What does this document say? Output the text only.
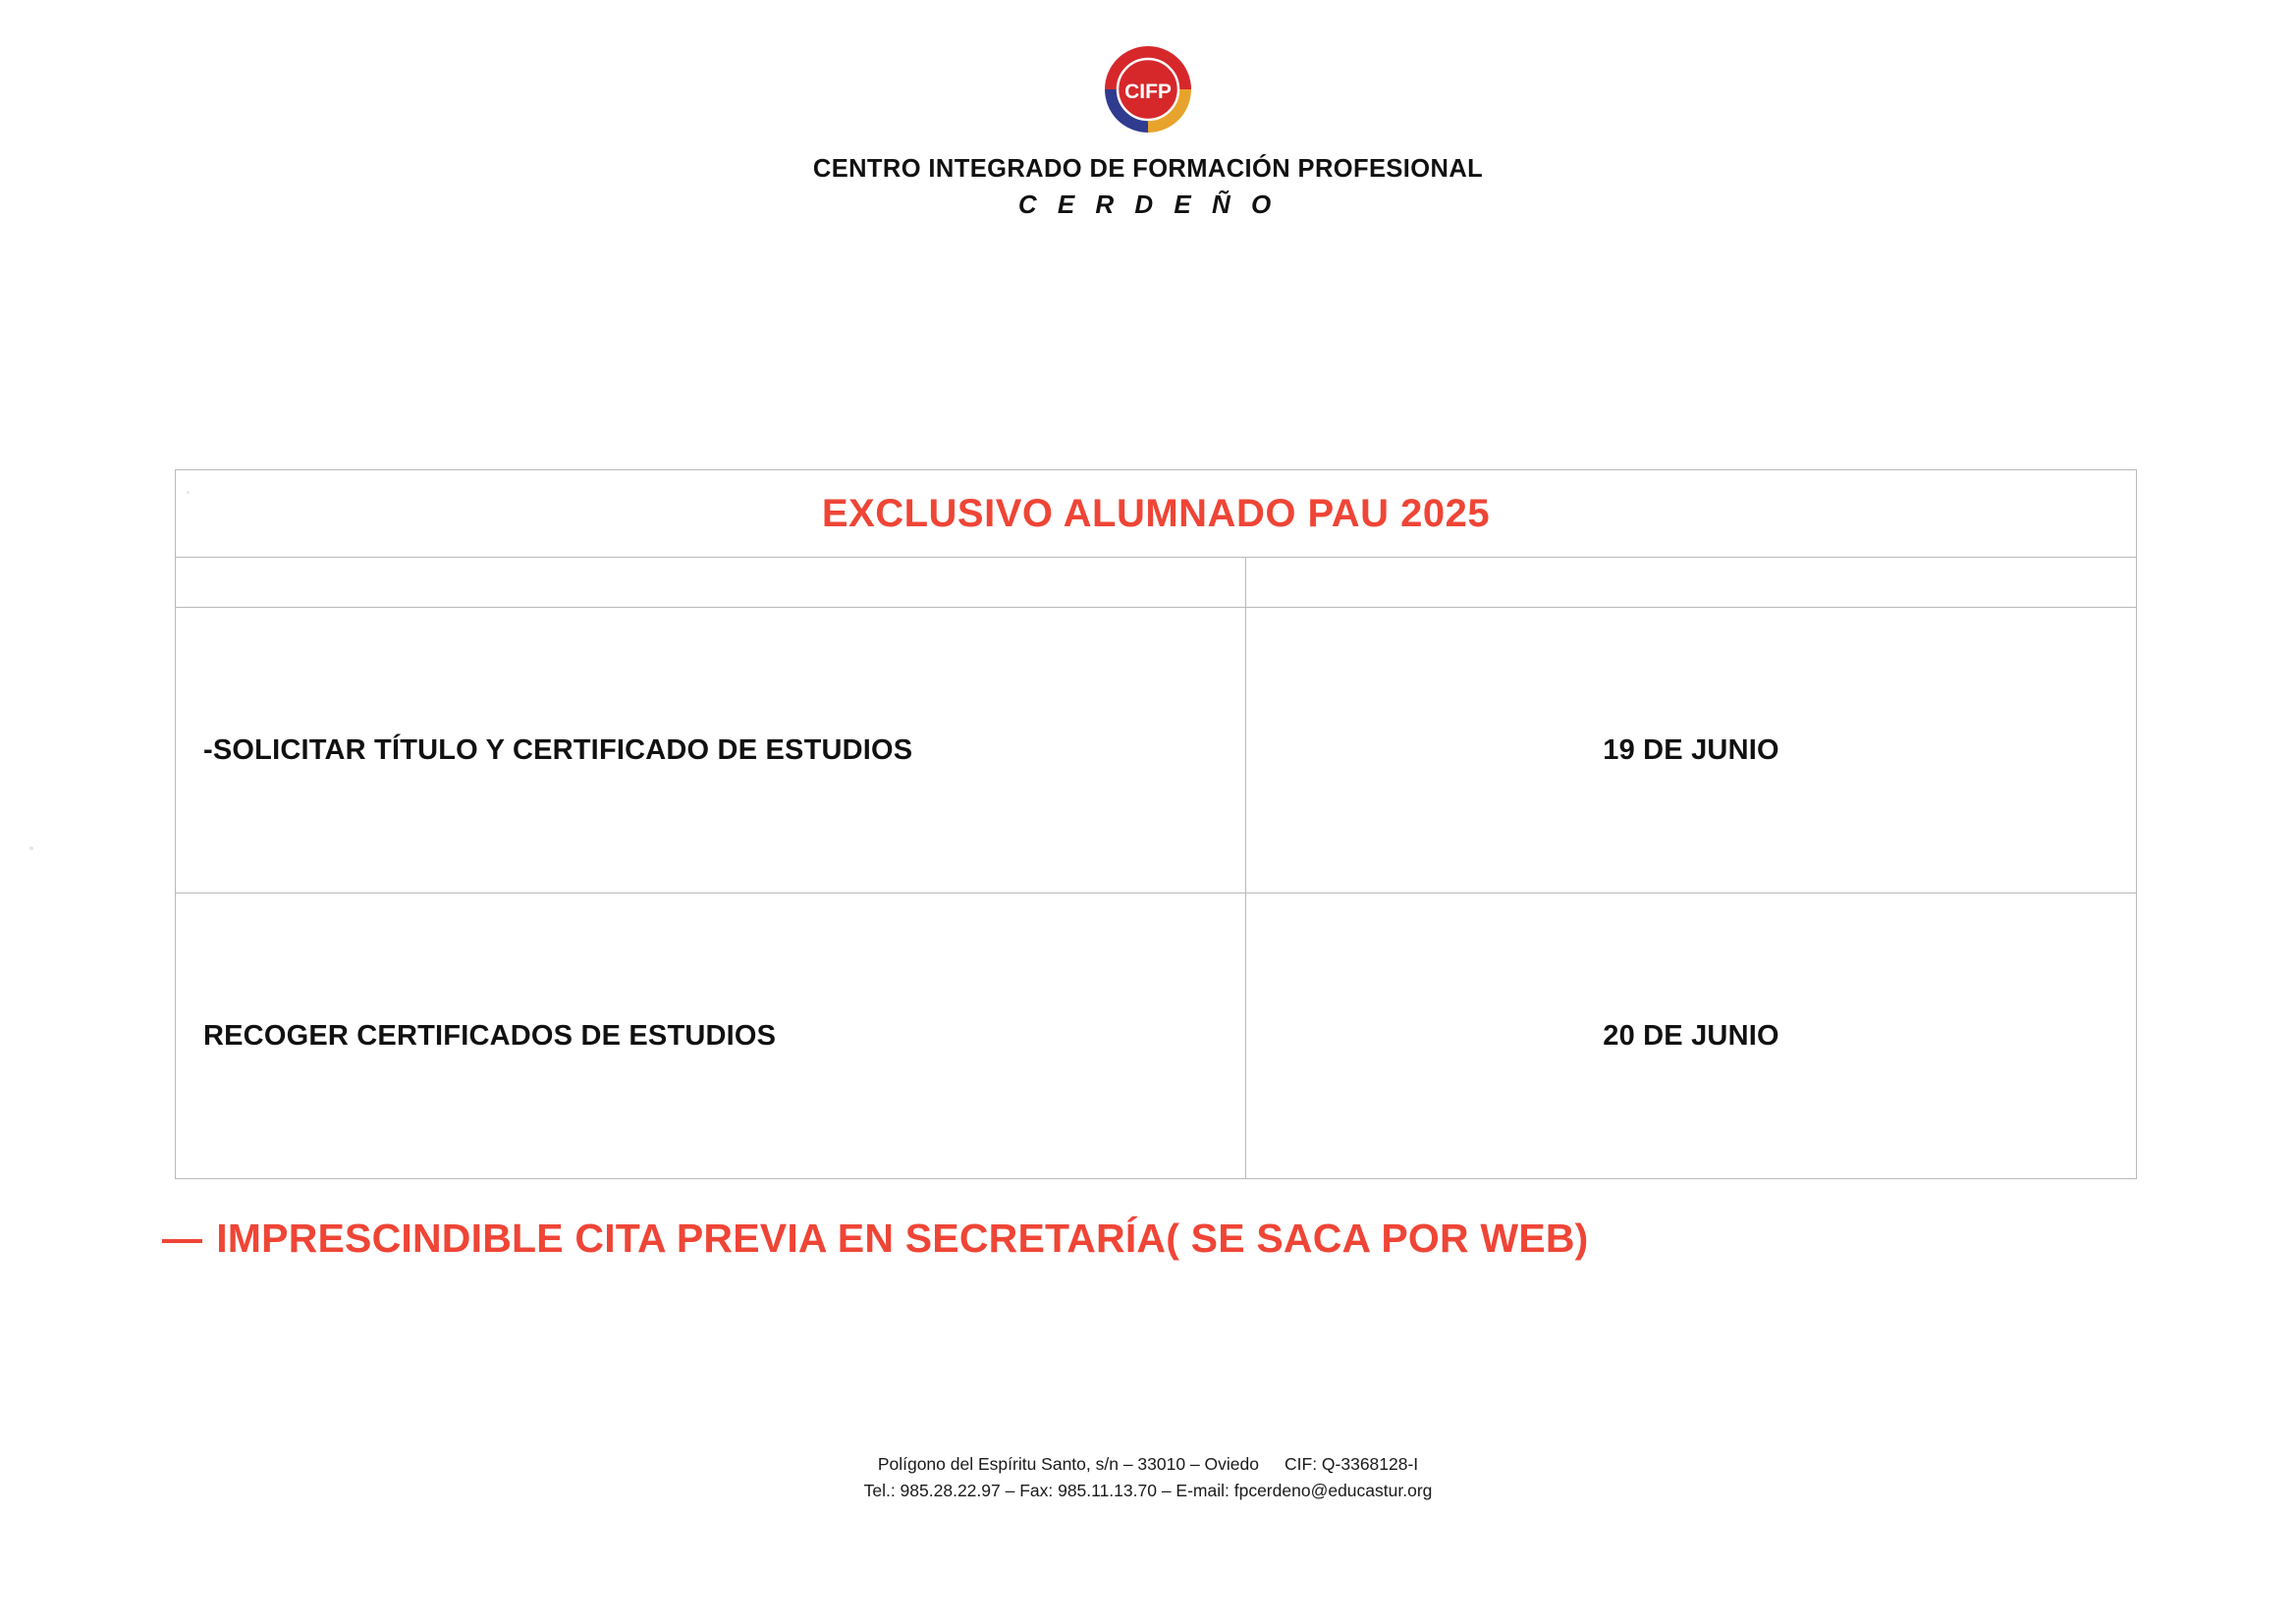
CIFP
CENTRO INTEGRADO DE FORMACIÓN PROFESIONAL
C E R D E Ñ O
EXCLUSIVO ALUMNADO PAU 2025	

-SOLICITAR TÍTULO Y CERTIFICADO DE ESTUDIOS	19 DE JUNIO
RECOGER CERTIFICADOS DE ESTUDIOS	20 DE JUNIO
— IMPRESCINDIBLE CITA PREVIA EN SECRETARÍA( SE SACA POR WEB)
Polígono del Espíritu Santo, s/n – 33010 – Oviedo CIF: Q-3368128-I
Tel.: 985.28.22.97 – Fax: 985.11.13.70 – E-mail: fpcerdeno@educastur.org
